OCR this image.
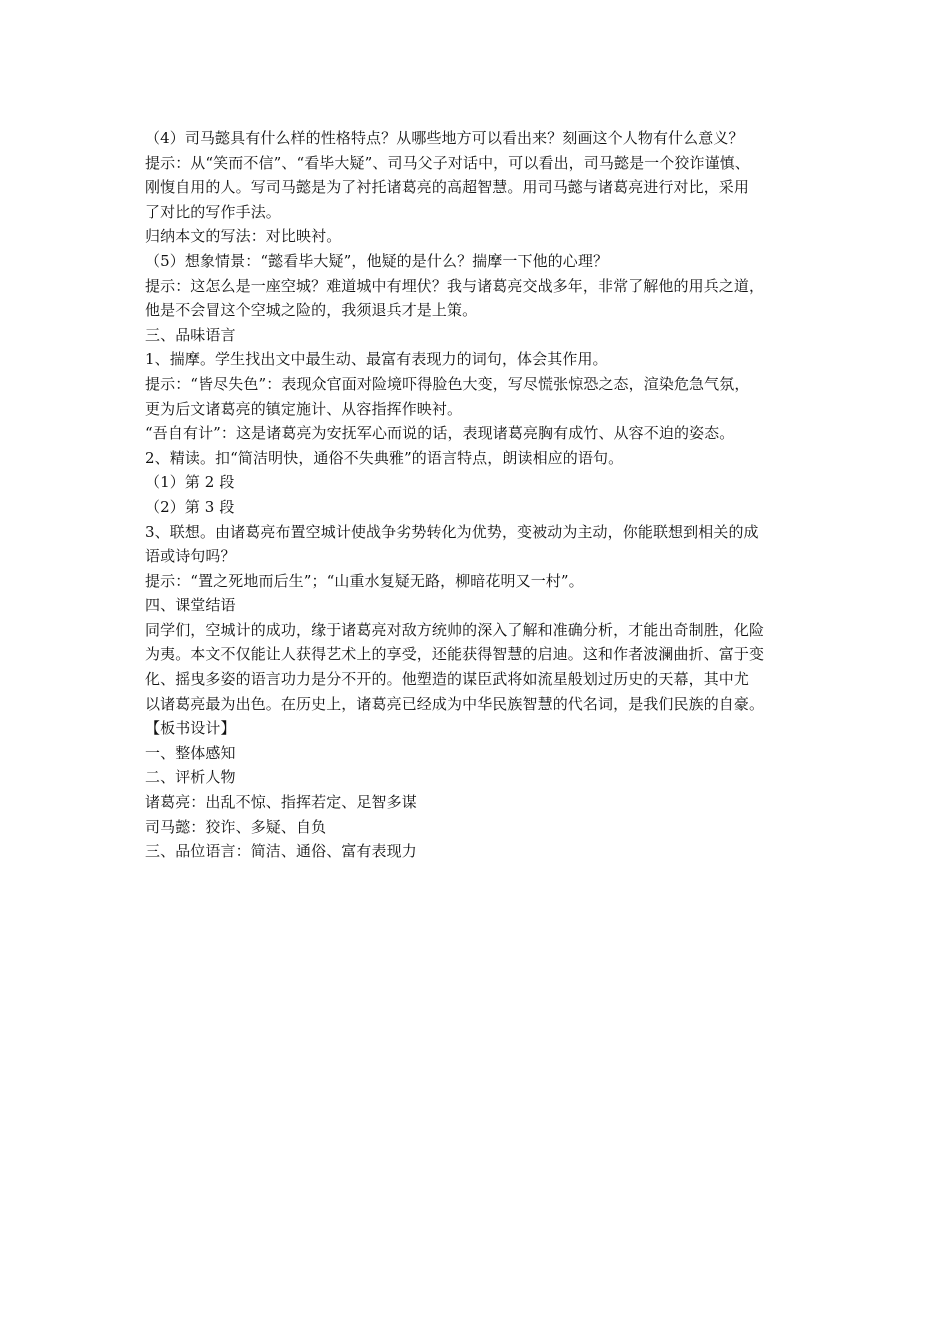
（4）司马懿具有什么样的性格特点？从哪些地方可以看出来？刻画这个人物有什么意义？
提示：从“笑而不信”、“看毕大疑”、司马父子对话中，可以看出，司马懿是一个狡诈谨慎、
刚愎自用的人。写司马懿是为了衬托诸葛亮的高超智慧。用司马懿与诸葛亮进行对比，采用
了对比的写作手法。
归纳本文的写法：对比映衬。
（5）想象情景：“懿看毕大疑”，他疑的是什么？揣摩一下他的心理？
提示：这怎么是一座空城？难道城中有埋伏？我与诸葛亮交战多年，非常了解他的用兵之道，
他是不会冒这个空城之险的，我须退兵才是上策。
三、品味语言
1、揣摩。学生找出文中最生动、最富有表现力的词句，体会其作用。
提示：“皆尽失色”：表现众官面对险境吓得脸色大变，写尽慌张惊恐之态，渲染危急气氛，
更为后文诸葛亮的镇定施计、从容指挥作映衬。
“吾自有计”：这是诸葛亮为安抚军心而说的话，表现诸葛亮胸有成竹、从容不迫的姿态。
2、精读。扣“简洁明快，通俗不失典雅”的语言特点，朗读相应的语句。
（1）第 2 段
（2）第 3 段
3、联想。由诸葛亮布置空城计使战争劣势转化为优势，变被动为主动，你能联想到相关的成
语或诗句吗？
提示：“置之死地而后生”；“山重水复疑无路，柳暗花明又一村”。
四、课堂结语
同学们，空城计的成功，缘于诸葛亮对敌方统帅的深入了解和准确分析，才能出奇制胜，化险
为夷。本文不仅能让人获得艺术上的享受，还能获得智慧的启迪。这和作者波澜曲折、富于变
化、摇曳多姿的语言功力是分不开的。他塑造的谋臣武将如流星般划过历史的天幕，其中尤
以诸葛亮最为出色。在历史上，诸葛亮已经成为中华民族智慧的代名词，是我们民族的自豪。
【板书设计】
一、整体感知
二、评析人物
诸葛亮：出乱不惊、指挥若定、足智多谋
司马懿：狡诈、多疑、自负
三、品位语言：简洁、通俗、富有表现力
